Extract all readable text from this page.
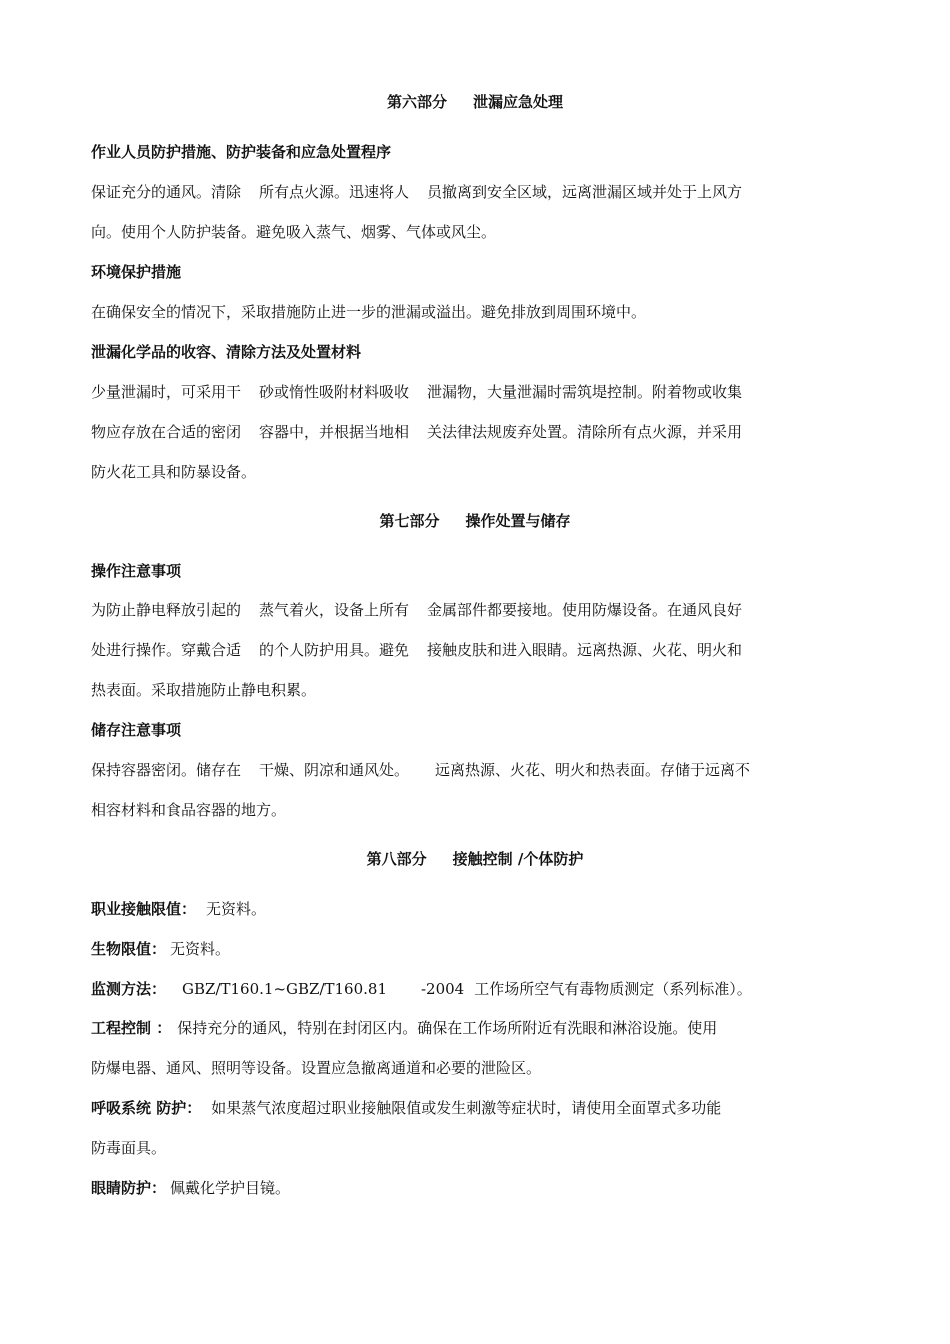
第六部分 泄漏应急处理
作业人员防护措施、防护装备和应急处置程序
保证充分的通风。清除 所有点火源。迅速将人 员撤离到安全区域，远离泄漏区域并处于上风方
向。使用个人防护装备。避免吸入蒸气、烟雾、气体或风尘。
环境保护措施
在确保安全的情况下，采取措施防止进一步的泄漏或溢出。避免排放到周围环境中。
泄漏化学品的收容、清除方法及处置材料
少量泄漏时，可采用干 砂或惰性吸附材料吸收 泄漏物，大量泄漏时需筑堤控制。附着物或收集
物应存放在合适的密闭 容器中，并根据当地相 关法律法规废弃处置。清除所有点火源，并采用
防火花工具和防暴设备。
第七部分 操作处置与储存
操作注意事项
为防止静电释放引起的 蒸气着火，设备上所有 金属部件都要接地。使用防爆设备。在通风良好
处进行操作。穿戴合适 的个人防护用具。避免 接触皮肤和进入眼睛。远离热源、火花、明火和
热表面。采取措施防止静电积累。
储存注意事项
保持容器密闭。储存在 干燥、阴凉和通风处。 远离热源、火花、明火和热表面。存储于远离不
相容材料和食品容器的地方。
第八部分 接触控制 /个体防护
职业接触限值： 无资料。
生物限值： 无资料。
监测方法： GBZ/T160.1~GBZ/T160.81 -2004 工作场所空气有毒物质测定（系列标准）。
工程控制 ： 保持充分的通风，特别在封闭区内。确保在工作场所附近有洗眼和淋浴设施。使用
防爆电器、通风、照明等设备。设置应急撤离通道和必要的泄险区。
呼吸系统 防护： 如果蒸气浓度超过职业接触限值或发生刺激等症状时，请使用全面罩式多功能
防毒面具。
眼睛防护： 佩戴化学护目镜。
